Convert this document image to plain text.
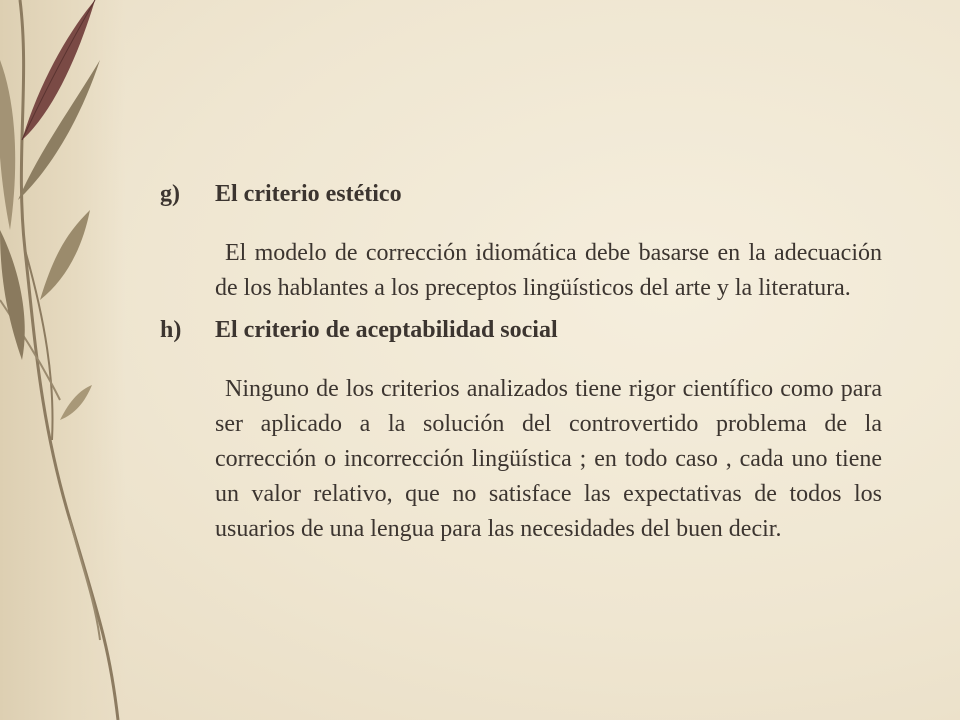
g)	El criterio estético

El modelo de corrección idiomática debe basarse en la adecuación de los hablantes a los preceptos lingüísticos del arte y la literatura.

h)	El criterio de aceptabilidad social

Ninguno de los criterios analizados tiene rigor científico como para ser aplicado a la solución del controvertido problema de la corrección o incorrección lingüística ; en todo caso , cada uno tiene un valor relativo, que no satisface las expectativas de todos los usuarios de una lengua para las necesidades del buen decir.
